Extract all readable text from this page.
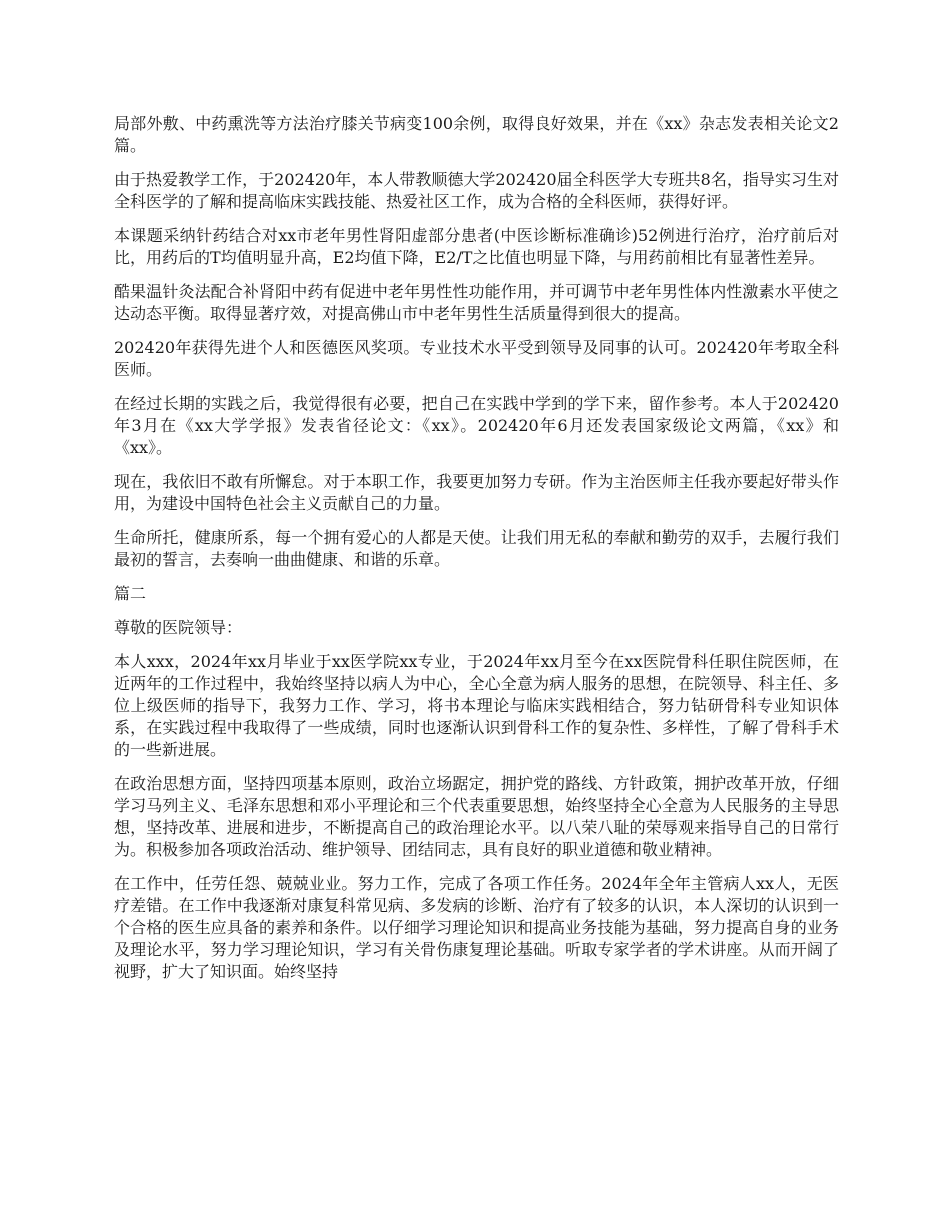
局部外敷、中药熏洗等方法治疗膝关节病变100余例，取得良好效果，并在《xx》杂志发表相关论文2篇。

由于热爱教学工作，于202420年，本人带教顺德大学202420届全科医学大专班共8名，指导实习生对全科医学的了解和提高临床实践技能、热爱社区工作，成为合格的全科医师，获得好评。

本课题采纳针药结合对xx市老年男性肾阳虚部分患者(中医诊断标准确诊)52例进行治疗，治疗前后对比，用药后的T均值明显升高，E2均值下降，E2/T之比值也明显下降，与用药前相比有显著性差异。

酷果温针灸法配合补肾阳中药有促进中老年男性性功能作用，并可调节中老年男性体内性激素水平使之达动态平衡。取得显著疗效，对提高佛山市中老年男性生活质量得到很大的提高。

202420年获得先进个人和医德医风奖项。专业技术水平受到领导及同事的认可。202420年考取全科医师。

在经过长期的实践之后，我觉得很有必要，把自己在实践中学到的学下来，留作参考。本人于202420年3月在《xx大学学报》发表省径论文：《xx》。202420年6月还发表国家级论文两篇，《xx》和《xx》。

现在，我依旧不敢有所懈怠。对于本职工作，我要更加努力专研。作为主治医师主任我亦要起好带头作用，为建设中国特色社会主义贡献自己的力量。

生命所托，健康所系，每一个拥有爱心的人都是天使。让我们用无私的奉献和勤劳的双手，去履行我们最初的誓言，去奏响一曲曲健康、和谐的乐章。

篇二

尊敬的医院领导：

本人xxx，2024年xx月毕业于xx医学院xx专业，于2024年xx月至今在xx医院骨科任职住院医师，在近两年的工作过程中，我始终坚持以病人为中心，全心全意为病人服务的思想，在院领导、科主任、多位上级医师的指导下，我努力工作、学习，将书本理论与临床实践相结合，努力钻研骨科专业知识体系，在实践过程中我取得了一些成绩，同时也逐渐认识到骨科工作的复杂性、多样性，了解了骨科手术的一些新进展。

在政治思想方面，坚持四项基本原则，政治立场踞定，拥护党的路线、方针政策，拥护改革开放，仔细学习马列主义、毛泽东思想和邓小平理论和三个代表重要思想，始终坚持全心全意为人民服务的主导思想，坚持改革、进展和进步，不断提高自己的政治理论水平。以八荣八耻的荣辱观来指导自己的日常行为。积极参加各项政治活动、维护领导、团结同志，具有良好的职业道德和敬业精神。

在工作中，任劳任怨、兢兢业业。努力工作，完成了各项工作任务。2024年全年主管病人xx人，无医疗差错。在工作中我逐渐对康复科常见病、多发病的诊断、治疗有了较多的认识，本人深切的认识到一个合格的医生应具备的素养和条件。以仔细学习理论知识和提高业务技能为基础，努力提高自身的业务及理论水平，努力学习理论知识，学习有关骨伤康复理论基础。听取专家学者的学术讲座。从而开阔了视野，扩大了知识面。始终坚持
